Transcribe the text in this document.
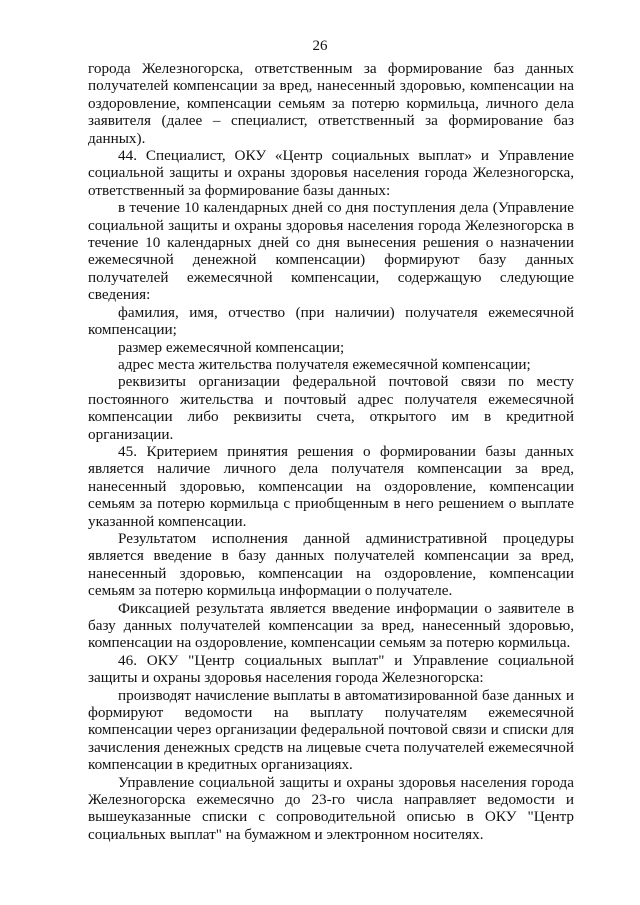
26

города Железногорска, ответственным за формирование баз данных получателей компенсации за вред, нанесенный здоровью, компенсации на оздоровление, компенсации семьям за потерю кормильца, личного дела заявителя (далее – специалист, ответственный за формирование баз данных).

44. Специалист, ОКУ «Центр социальных выплат» и Управление социальной защиты и охраны здоровья населения города Железногорска, ответственный за формирование базы данных:

в течение 10 календарных дней со дня поступления дела (Управление социальной защиты и охраны здоровья населения города Железногорска в течение 10 календарных дней со дня вынесения решения о назначении ежемесячной денежной компенсации) формируют базу данных получателей ежемесячной компенсации, содержащую следующие сведения:

фамилия, имя, отчество (при наличии) получателя ежемесячной компенсации;

размер ежемесячной компенсации;

адрес места жительства получателя ежемесячной компенсации;

реквизиты организации федеральной почтовой связи по месту постоянного жительства и почтовый адрес получателя ежемесячной компенсации либо реквизиты счета, открытого им в кредитной организации.

45. Критерием принятия решения о формировании базы данных является наличие личного дела получателя компенсации за вред, нанесенный здоровью, компенсации на оздоровление, компенсации семьям за потерю кормильца с приобщенным в него решением о выплате указанной компенсации.

Результатом исполнения данной административной процедуры является введение в базу данных получателей компенсации за вред, нанесенный здоровью, компенсации на оздоровление, компенсации семьям за потерю кормильца информации о получателе.

Фиксацией результата является введение информации о заявителе в базу данных получателей компенсации за вред, нанесенный здоровью, компенсации на оздоровление, компенсации семьям за потерю кормильца.

46. ОКУ "Центр социальных выплат" и Управление социальной защиты и охраны здоровья населения города Железногорска:

производят начисление выплаты в автоматизированной базе данных и формируют ведомости на выплату получателям ежемесячной компенсации через организации федеральной почтовой связи и списки для зачисления денежных средств на лицевые счета получателей ежемесячной компенсации в кредитных организациях.

Управление социальной защиты и охраны здоровья населения города Железногорска ежемесячно до 23-го числа направляет ведомости и вышеуказанные списки с сопроводительной описью в ОКУ "Центр социальных выплат" на бумажном и электронном носителях.
